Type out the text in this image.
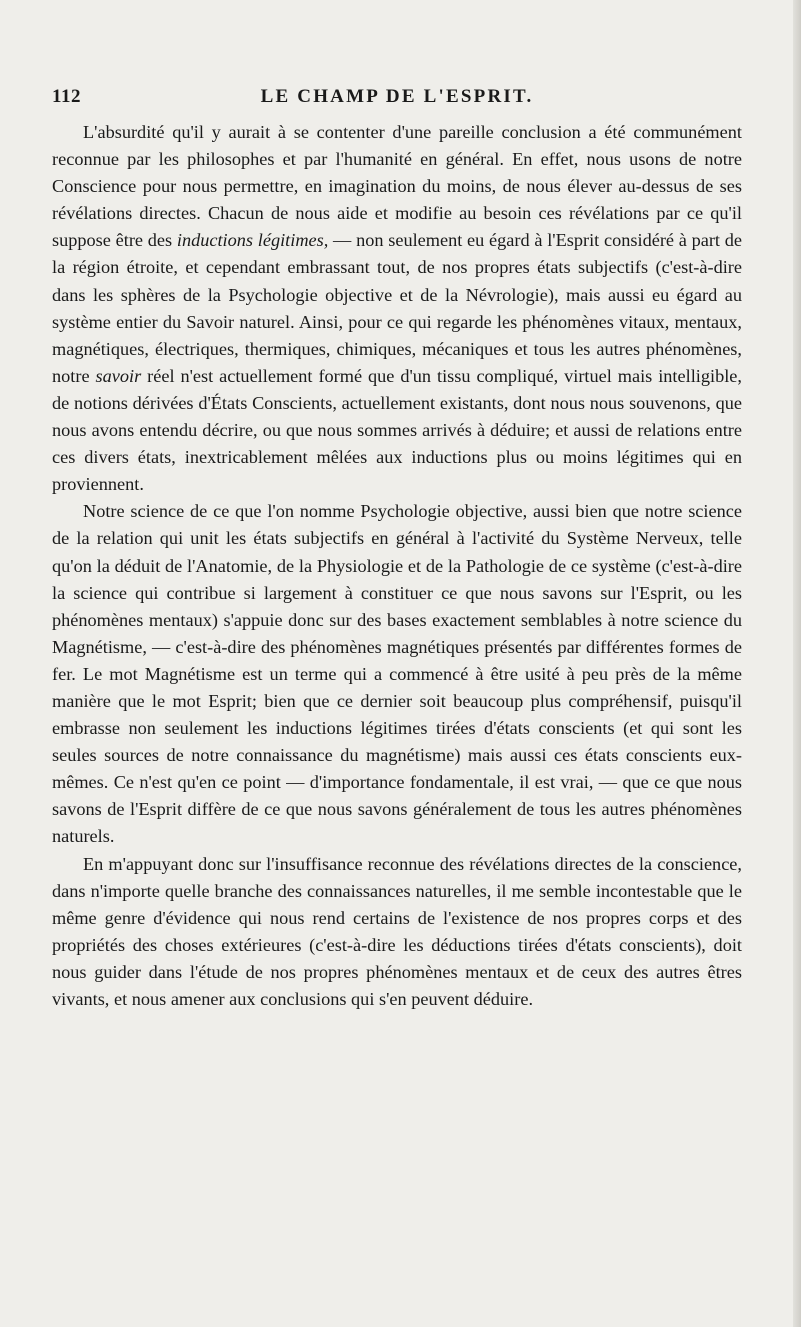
112	LE CHAMP DE L'ESPRIT.

L'absurdité qu'il y aurait à se contenter d'une pareille conclusion a été communément reconnue par les philosophes et par l'humanité en général. En effet, nous usons de notre Conscience pour nous permettre, en imagination du moins, de nous élever au-dessus de ses révélations directes. Chacun de nous aide et modifie au besoin ces révélations par ce qu'il suppose être des inductions légitimes, — non seulement eu égard à l'Esprit considéré à part de la région étroite, et cependant embrassant tout, de nos propres états subjectifs (c'est-à-dire dans les sphères de la Psychologie objective et de la Névrologie), mais aussi eu égard au système entier du Savoir naturel. Ainsi, pour ce qui regarde les phénomènes vitaux, mentaux, magnétiques, électriques, thermiques, chimiques, mécaniques et tous les autres phénomènes, notre savoir réel n'est actuellement formé que d'un tissu compliqué, virtuel mais intelligible, de notions dérivées d'États Conscients, actuellement existants, dont nous nous souvenons, que nous avons entendu décrire, ou que nous sommes arrivés à déduire; et aussi de relations entre ces divers états, inextricablement mêlées aux inductions plus ou moins légitimes qui en proviennent.

Notre science de ce que l'on nomme Psychologie objective, aussi bien que notre science de la relation qui unit les états subjectifs en général à l'activité du Système Nerveux, telle qu'on la déduit de l'Anatomie, de la Physiologie et de la Pathologie de ce système (c'est-à-dire la science qui contribue si largement à constituer ce que nous savons sur l'Esprit, ou les phénomènes mentaux) s'appuie donc sur des bases exactement semblables à notre science du Magnétisme, — c'est-à-dire des phénomènes magnétiques présentés par différentes formes de fer. Le mot Magnétisme est un terme qui a commencé à être usité à peu près de la même manière que le mot Esprit; bien que ce dernier soit beaucoup plus compréhensif, puisqu'il embrasse non seulement les inductions légitimes tirées d'états conscients (et qui sont les seules sources de notre connaissance du magnétisme) mais aussi ces états conscients eux-mêmes. Ce n'est qu'en ce point — d'importance fondamentale, il est vrai, — que ce que nous savons de l'Esprit diffère de ce que nous savons généralement de tous les autres phénomènes naturels.

En m'appuyant donc sur l'insuffisance reconnue des révélations directes de la conscience, dans n'importe quelle branche des connaissances naturelles, il me semble incontestable que le même genre d'évidence qui nous rend certains de l'existence de nos propres corps et des propriétés des choses extérieures (c'est-à-dire les déductions tirées d'états conscients), doit nous guider dans l'étude de nos propres phénomènes mentaux et de ceux des autres êtres vivants, et nous amener aux conclusions qui s'en peuvent déduire.
